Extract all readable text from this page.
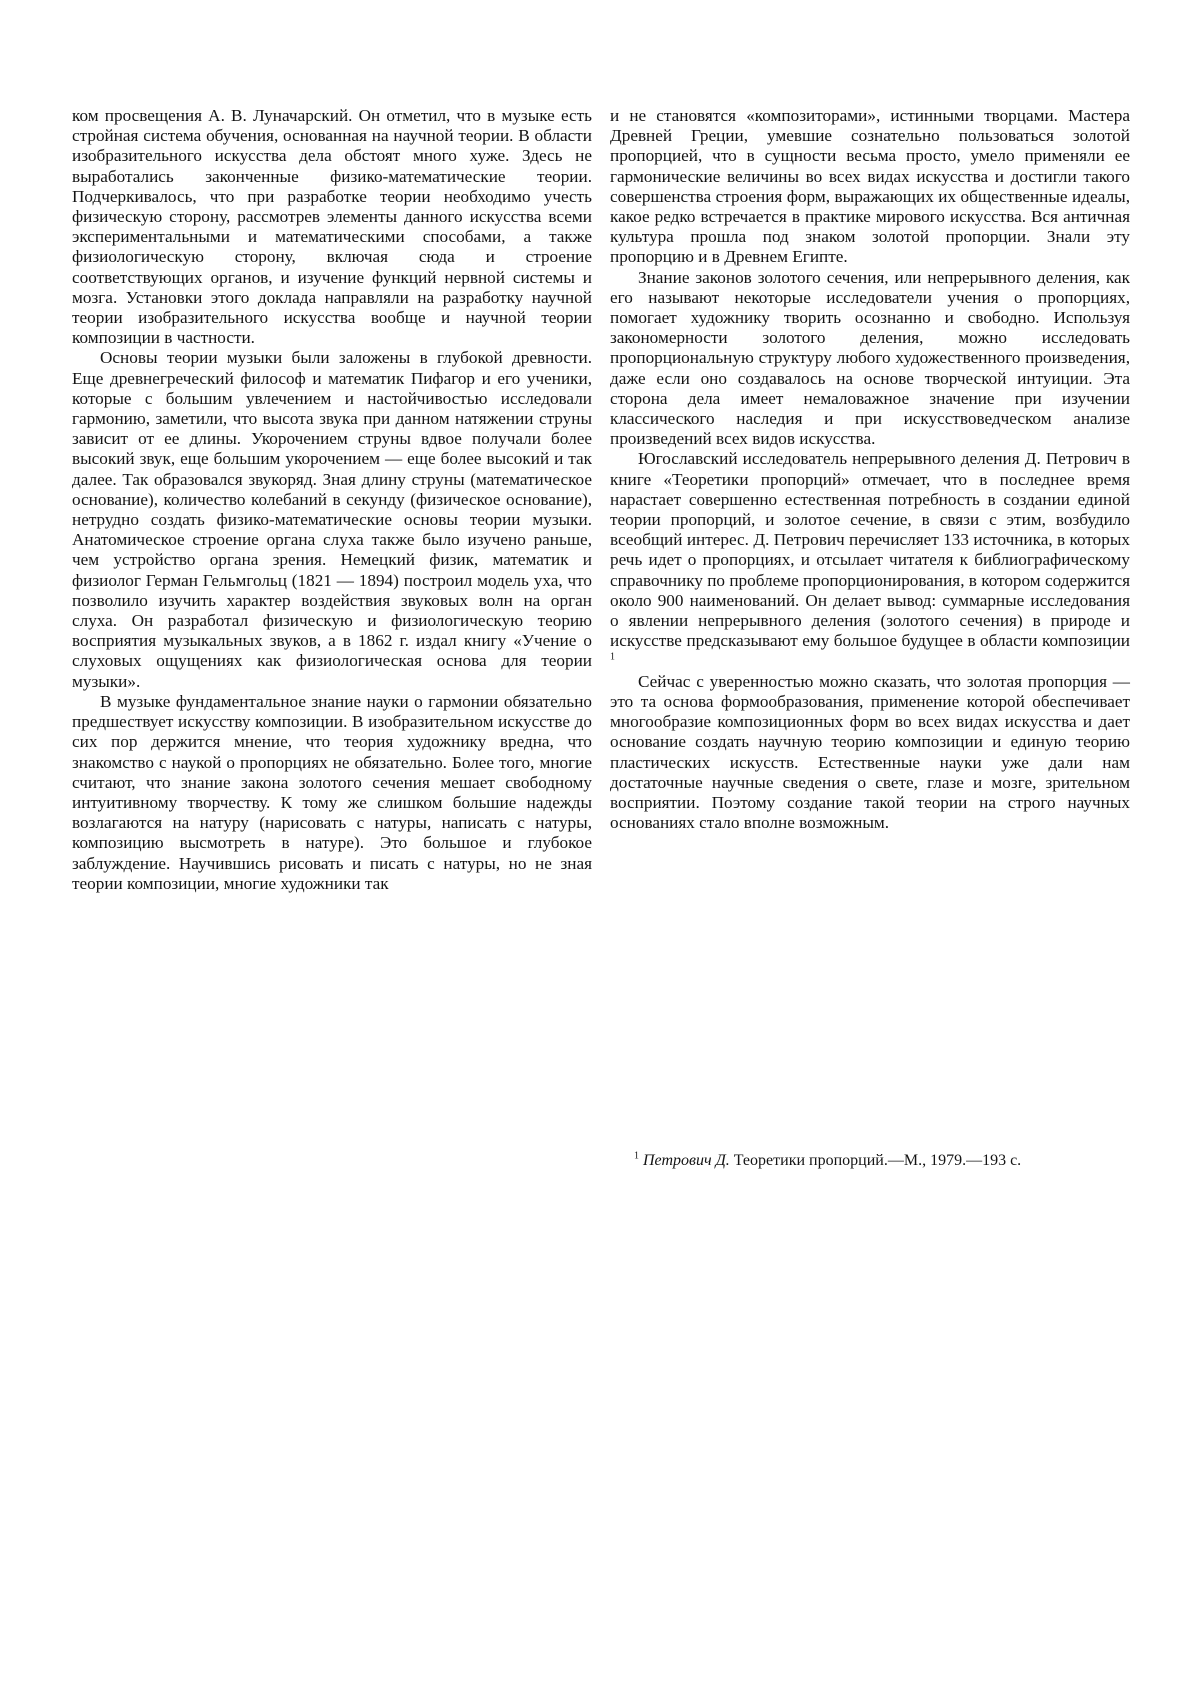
ком просвещения А. В. Луначарский. Он отметил, что в музыке есть стройная система обучения, основанная на научной теории. В области изобразительного искусства дела обстоят много хуже. Здесь не выработались законченные физико-математические теории. Подчеркивалось, что при разработке теории необходимо учесть физическую сторону, рассмотрев элементы данного искусства всеми экспериментальными и математическими способами, а также физиологическую сторону, включая сюда и строение соответствующих органов, и изучение функций нервной системы и мозга. Установки этого доклада направляли на разработку научной теории изобразительного искусства вообще и научной теории композиции в частности.

Основы теории музыки были заложены в глубокой древности. Еще древнегреческий философ и математик Пифагор и его ученики, которые с большим увлечением и настойчивостью исследовали гармонию, заметили, что высота звука при данном натяжении струны зависит от ее длины. Укорочением струны вдвое получали более высокий звук, еще большим укорочением — еще более высокий и так далее. Так образовался звукоряд. Зная длину струны (математическое основание), количество колебаний в секунду (физическое основание), нетрудно создать физико-математические основы теории музыки. Анатомическое строение органа слуха также было изучено раньше, чем устройство органа зрения. Немецкий физик, математик и физиолог Герман Гельмгольц (1821 — 1894) построил модель уха, что позволило изучить характер воздействия звуковых волн на орган слуха. Он разработал физическую и физиологическую теорию восприятия музыкальных звуков, а в 1862 г. издал книгу «Учение о слуховых ощущениях как физиологическая основа для теории музыки».

В музыке фундаментальное знание науки о гармонии обязательно предшествует искусству композиции. В изобразительном искусстве до сих пор держится мнение, что теория художнику вредна, что знакомство с наукой о пропорциях не обязательно. Более того, многие считают, что знание закона золотого сечения мешает свободному интуитивному творчеству. К тому же слишком большие надежды возлагаются на натуру (нарисовать с натуры, написать с натуры, композицию высмотреть в натуре). Это большое и глубокое заблуждение. Научившись рисовать и писать с натуры, но не зная теории композиции, многие художники так

и не становятся «композиторами», истинными творцами. Мастера Древней Греции, умевшие сознательно пользоваться золотой пропорцией, что в сущности весьма просто, умело применяли ее гармонические величины во всех видах искусства и достигли такого совершенства строения форм, выражающих их общественные идеалы, какое редко встречается в практике мирового искусства. Вся античная культура прошла под знаком золотой пропорции. Знали эту пропорцию и в Древнем Египте.

Знание законов золотого сечения, или непрерывного деления, как его называют некоторые исследователи учения о пропорциях, помогает художнику творить осознанно и свободно. Используя закономерности золотого деления, можно исследовать пропорциональную структуру любого художественного произведения, даже если оно создавалось на основе творческой интуиции. Эта сторона дела имеет немаловажное значение при изучении классического наследия и при искусствоведческом анализе произведений всех видов искусства.

Югославский исследователь непрерывного деления Д. Петрович в книге «Теоретики пропорций» отмечает, что в последнее время нарастает совершенно естественная потребность в создании единой теории пропорций, и золотое сечение, в связи с этим, возбудило всеобщий интерес. Д. Петрович перечисляет 133 источника, в которых речь идет о пропорциях, и отсылает читателя к библиографическому справочнику по проблеме пропорционирования, в котором содержится около 900 наименований. Он делает вывод: суммарные исследования о явлении непрерывного деления (золотого сечения) в природе и искусстве предсказывают ему большое будущее в области композиции $^1$

Сейчас с уверенностью можно сказать, что золотая пропорция — это та основа формообразования, применение которой обеспечивает многообразие композиционных форм во всех видах искусства и дает основание создать научную теорию композиции и единую теорию пластических искусств. Естественные науки уже дали нам достаточные научные сведения о свете, глазе и мозге, зрительном восприятии. Поэтому создание такой теории на строго научных основаниях стало вполне возможным.

$^1$ Петрович Д. Теоретики пропорций.—М., 1979.—193 с.
